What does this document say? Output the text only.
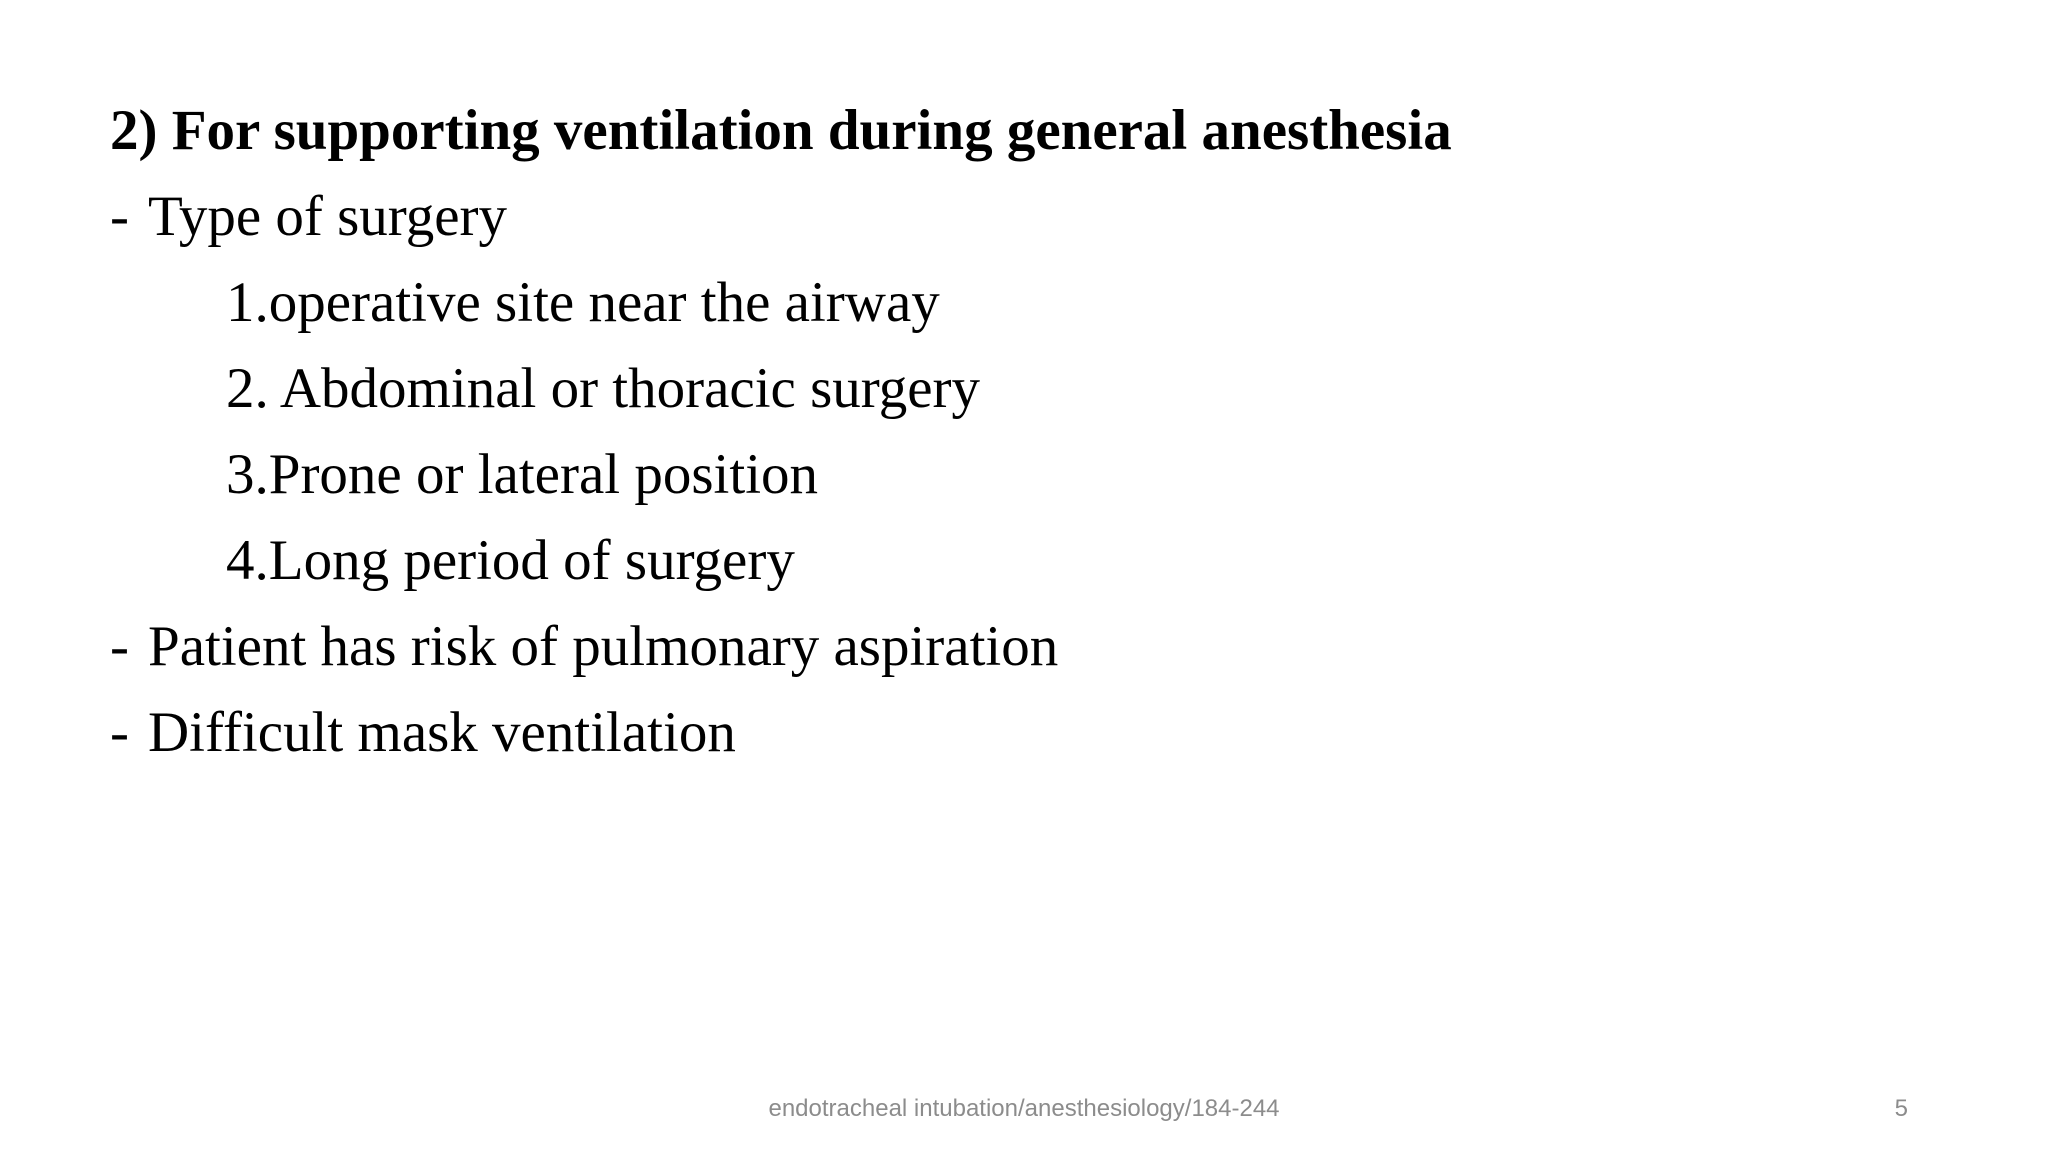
2) For supporting ventilation during general anesthesia
- Type of surgery
1.operative site near the airway
2. Abdominal or thoracic surgery
3.Prone or lateral position
4.Long period of surgery
- Patient has risk of pulmonary aspiration
- Difficult mask ventilation
endotracheal intubation/anesthesiology/184-244	5
